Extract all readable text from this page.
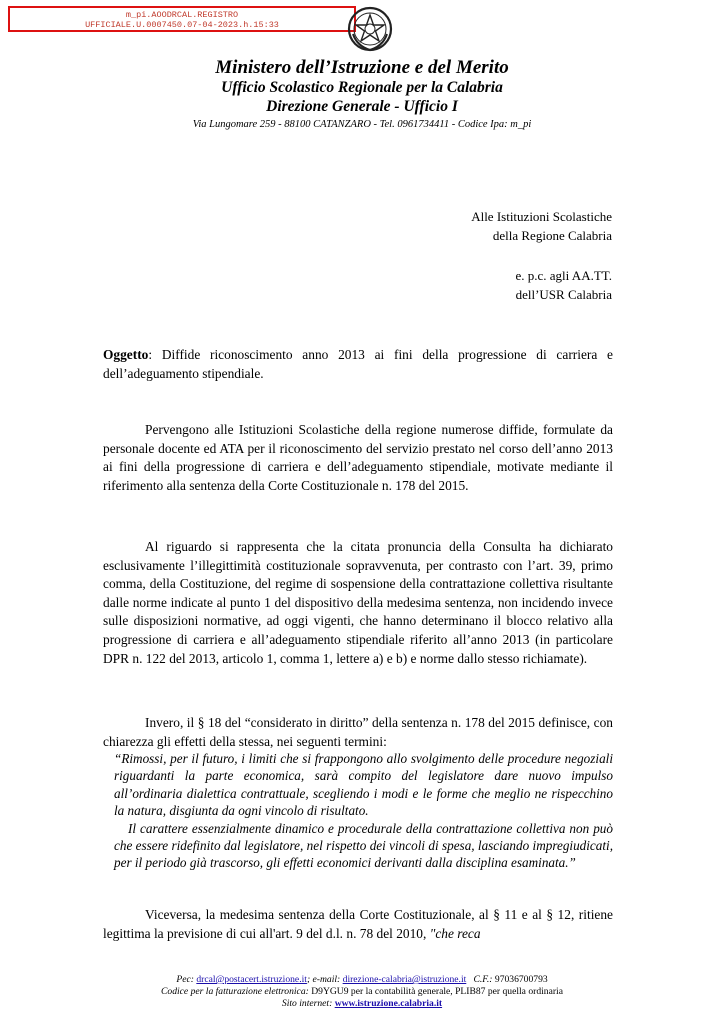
m_pi.AOODRCAL.REGISTRO
UFFICIALE.U.0007450.07-04-2023.h.15:33
Ministero dell’Istruzione e del Merito
Ufficio Scolastico Regionale per la Calabria
Direzione Generale - Ufficio I
Via Lungomare 259 - 88100 CATANZARO - Tel. 0961734411 - Codice Ipa: m_pi
Alle Istituzioni Scolastiche
della Regione Calabria
e. p.c. agli AA.TT.
dell’USR Calabria
Oggetto: Diffide riconoscimento anno 2013 ai fini della progressione di carriera e dell’adeguamento stipendiale.
Pervengono alle Istituzioni Scolastiche della regione numerose diffide, formulate da personale docente ed ATA per il riconoscimento del servizio prestato nel corso dell’anno 2013 ai fini della progressione di carriera e dell’adeguamento stipendiale, motivate mediante il riferimento alla sentenza della Corte Costituzionale n. 178 del 2015.
Al riguardo si rappresenta che la citata pronuncia della Consulta ha dichiarato esclusivamente l’illegittimità costituzionale sopravvenuta, per contrasto con l’art. 39, primo comma, della Costituzione, del regime di sospensione della contrattazione collettiva risultante dalle norme indicate al punto 1 del dispositivo della medesima sentenza, non incidendo invece sulle disposizioni normative, ad oggi vigenti, che hanno determinano il blocco relativo alla progressione di carriera e all’adeguamento stipendiale riferito all’anno 2013 (in particolare DPR n. 122 del 2013, articolo 1, comma 1, lettere a) e b) e norme dallo stesso richiamate).
Invero, il § 18 del “considerato in diritto” della sentenza n. 178 del 2015 definisce, con chiarezza gli effetti della stessa, nei seguenti termini:
“Rimossi, per il futuro, i limiti che si frappongono allo svolgimento delle procedure negoziali riguardanti la parte economica, sarà compito del legislatore dare nuovo impulso all’ordinaria dialettica contrattuale, scegliendo i modi e le forme che meglio ne rispecchino la natura, disgiunta da ogni vincolo di risultato.
Il carattere essenzialmente dinamico e procedurale della contrattazione collettiva non può che essere ridefinito dal legislatore, nel rispetto dei vincoli di spesa, lasciando impregiudicati, per il periodo già trascorso, gli effetti economici derivanti dalla disciplina esaminata.”
Viceversa, la medesima sentenza della Corte Costituzionale, al § 11 e al § 12, ritiene legittima la previsione di cui all'art. 9 del d.l. n. 78 del 2010, "che reca
Pec: drcal@postacert.istruzione.it; e-mail: direzione-calabria@istruzione.it   C.F.: 97036700793
Codice per la fatturazione elettronica: D9YGU9 per la contabilità generale, PLIB87 per quella ordinaria
Sito internet: www.istruzione.calabria.it
